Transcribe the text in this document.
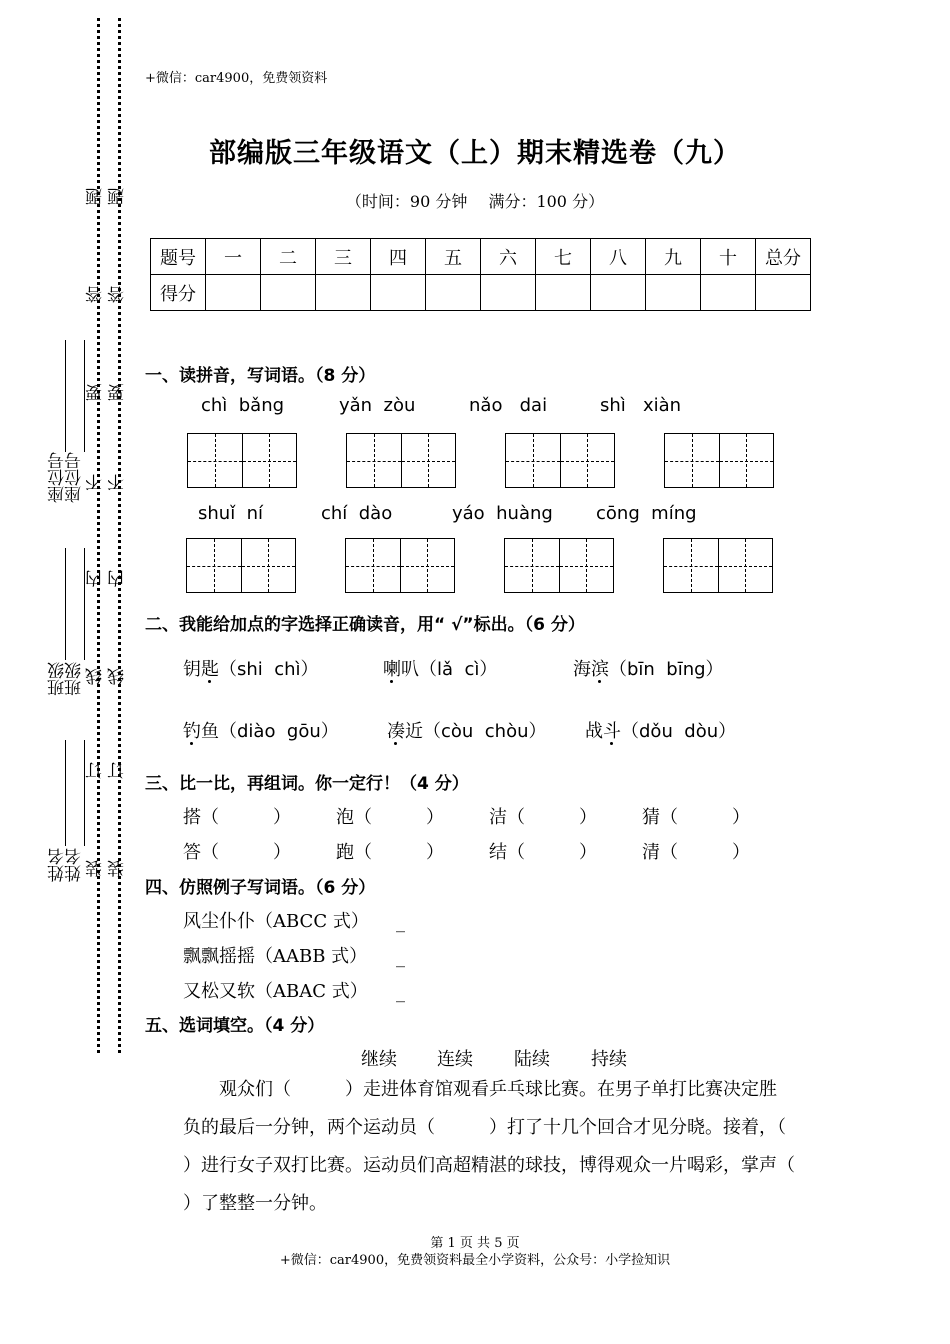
题
答
要
不
内
线
订
装
题
答
要
不
内
线
订
装
座位号
座位号
班级
班级
姓名
姓名
+微信：car4900，免费领资料
部编版三年级语文（上）期末精选卷（九）
（时间：90 分钟　 满分：100 分）
题号	一	二	三	四	五	六	七	八	九	十	总分
得分											
一、读拼音，写词语。（8 分）
chì  bǎng	yǎn  zòu	nǎo   dai	shì   xiàn
shuǐ  ní	chí  dào	yáo  huàng cōng  míng
二、我能给加点的字选择正确读音，用“ √”标出。（6 分）
钥匙（shi  chì）	喇叭（lǎ  cì）	海滨（bīn  bīng）
钓鱼（diào  gōu）	凑近（còu  chòu） 战斗（dǒu  dòu）
三、比一比，再组词。你一定行！（4 分）
搭（　　　）	泡（　　　）	洁（　　　）	猜（　　　）
答（　　　）	跑（　　　）	结（　　　）	清（　　　）
四、仿照例子写词语。（6 分）
风尘仆仆（ABCC 式） _
飘飘摇摇（AABB 式） _
又松又软（ABAC 式） _
五、选词填空。（4 分）
继续 连续 陆续 持续
　　观众们（　　　）走进体育馆观看乒乓球比赛。在男子单打比赛决定胜
负的最后一分钟，两个运动员（　　　）打了十几个回合才见分晓。接着，（
）进行女子双打比赛。运动员们高超精湛的球技，博得观众一片喝彩，掌声（
）了整整一分钟。
第 1 页 共 5 页
+微信：car4900，免费领资料最全小学资料，公众号：小学捡知识
